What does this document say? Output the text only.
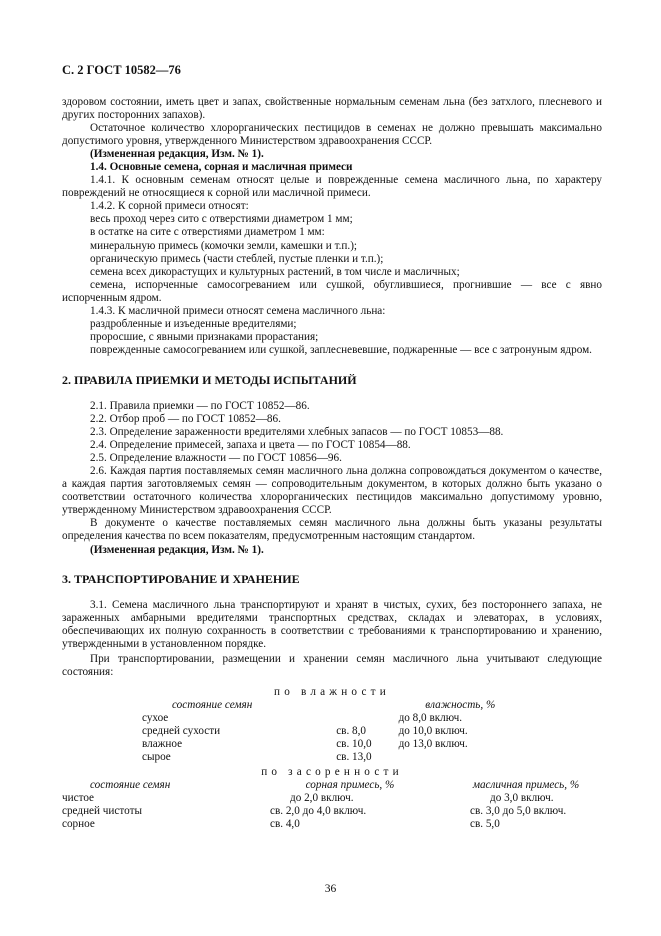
С. 2 ГОСТ 10582—76

здоровом состоянии, иметь цвет и запах, свойственные нормальным семенам льна (без затхлого, плесневого и других посторонних запахов).

Остаточное количество хлорорганических пестицидов в семенах не должно превышать максимально допустимого уровня, утвержденного Министерством здравоохранения СССР.

(Измененная редакция, Изм. № 1).

1.4. Основные семена, сорная и масличная примеси

1.4.1. К основным семенам относят целые и поврежденные семена масличного льна, по характеру повреждений не относящиеся к сорной или масличной примеси.

1.4.2. К сорной примеси относят:

весь проход через сито с отверстиями диаметром 1 мм;

в остатке на сите с отверстиями диаметром 1 мм:

минеральную примесь (комочки земли, камешки и т.п.);

органическую примесь (части стеблей, пустые пленки и т.п.);

семена всех дикорастущих и культурных растений, в том числе и масличных;

семена, испорченные самосогреванием или сушкой, обуглившиеся, прогнившие — все с явно испорченным ядром.

1.4.3. К масличной примеси относят семена масличного льна:

раздробленные и изъеденные вредителями;

проросшие, с явными признаками прорастания;

поврежденные самосогреванием или сушкой, заплесневевшие, поджаренные — все с затронуным ядром.

2. ПРАВИЛА ПРИЕМКИ И МЕТОДЫ ИСПЫТАНИЙ

2.1. Правила приемки — по ГОСТ 10852—86.

2.2. Отбор проб — по ГОСТ 10852—86.

2.3. Определение зараженности вредителями хлебных запасов — по ГОСТ 10853—88.

2.4. Определение примесей, запаха и цвета — по ГОСТ 10854—88.

2.5. Определение влажности — по ГОСТ 10856—96.

2.6. Каждая партия поставляемых семян масличного льна должна сопровождаться документом о качестве, а каждая партия заготовляемых семян — сопроводительным документом, в которых должно быть указано о соответствии остаточного количества хлорорганических пестицидов максимально допустимому уровню, утвержденному Министерством здравоохранения СССР.

В документе о качестве поставляемых семян масличного льна должны быть указаны результаты определения качества по всем показателям, предусмотренным настоящим стандартом.

(Измененная редакция, Изм. № 1).

3. ТРАНСПОРТИРОВАНИЕ И ХРАНЕНИЕ

3.1. Семена масличного льна транспортируют и хранят в чистых, сухих, без постороннего запаха, не зараженных амбарными вредителями транспортных средствах, складах и элеваторах, в условиях, обеспечивающих их полную сохранность в соответствии с требованиями к транспортированию и хранению, утвержденными в установленном порядке.

При транспортировании, размещении и хранении семян масличного льна учитывают следующие состояния:

по влажности
состояние семян		влажность, %
сухое		до 8,0 включ.
средней сухости	св. 8,0	до 10,0 включ.
влажное	св. 10,0	до 13,0 включ.
сырое	св. 13,0	
по засоренности
состояние семян	сорная примесь, %	масличная примесь, %
чистое	до 2,0 включ.	до 3,0 включ.
средней чистоты	св. 2,0 до 4,0 включ.	св. 3,0 до 5,0 включ.
сорное	св. 4,0	св. 5,0
36
